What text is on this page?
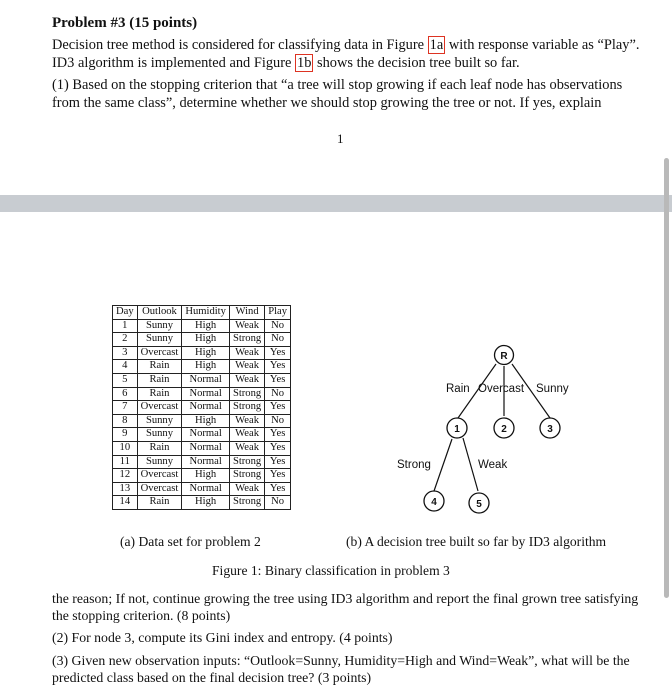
Problem #3 (15 points)
Decision tree method is considered for classifying data in Figure 1a with response variable as “Play”. ID3 algorithm is implemented and Figure 1b shows the decision tree built so far.
(1) Based on the stopping criterion that “a tree will stop growing if each leaf node has observations from the same class”, determine whether we should stop growing the tree or not. If yes, explain
1
Day	Outlook	Humidity	Wind	Play
1	Sunny	High	Weak	No
2	Sunny	High	Strong	No
3	Overcast	High	Weak	Yes
4	Rain	High	Weak	Yes
5	Rain	Normal	Weak	Yes
6	Rain	Normal	Strong	No
7	Overcast	Normal	Strong	Yes
8	Sunny	High	Weak	No
9	Sunny	Normal	Weak	Yes
10	Rain	Normal	Weak	Yes
11	Sunny	Normal	Strong	Yes
12	Overcast	High	Strong	Yes
13	Overcast	Normal	Weak	Yes
14	Rain	High	Strong	No
R
1	2	3
4	5
Rain Overcast Sunny
Strong	Weak
(a) Data set for problem 2	(b) A decision tree built so far by ID3 algorithm
Figure 1: Binary classification in problem 3
the reason; If not, continue growing the tree using ID3 algorithm and report the final grown tree satisfying the stopping criterion. (8 points)
(2) For node 3, compute its Gini index and entropy. (4 points)
(3) Given new observation inputs: “Outlook=Sunny, Humidity=High and Wind=Weak”, what will be the predicted class based on the final decision tree? (3 points)
